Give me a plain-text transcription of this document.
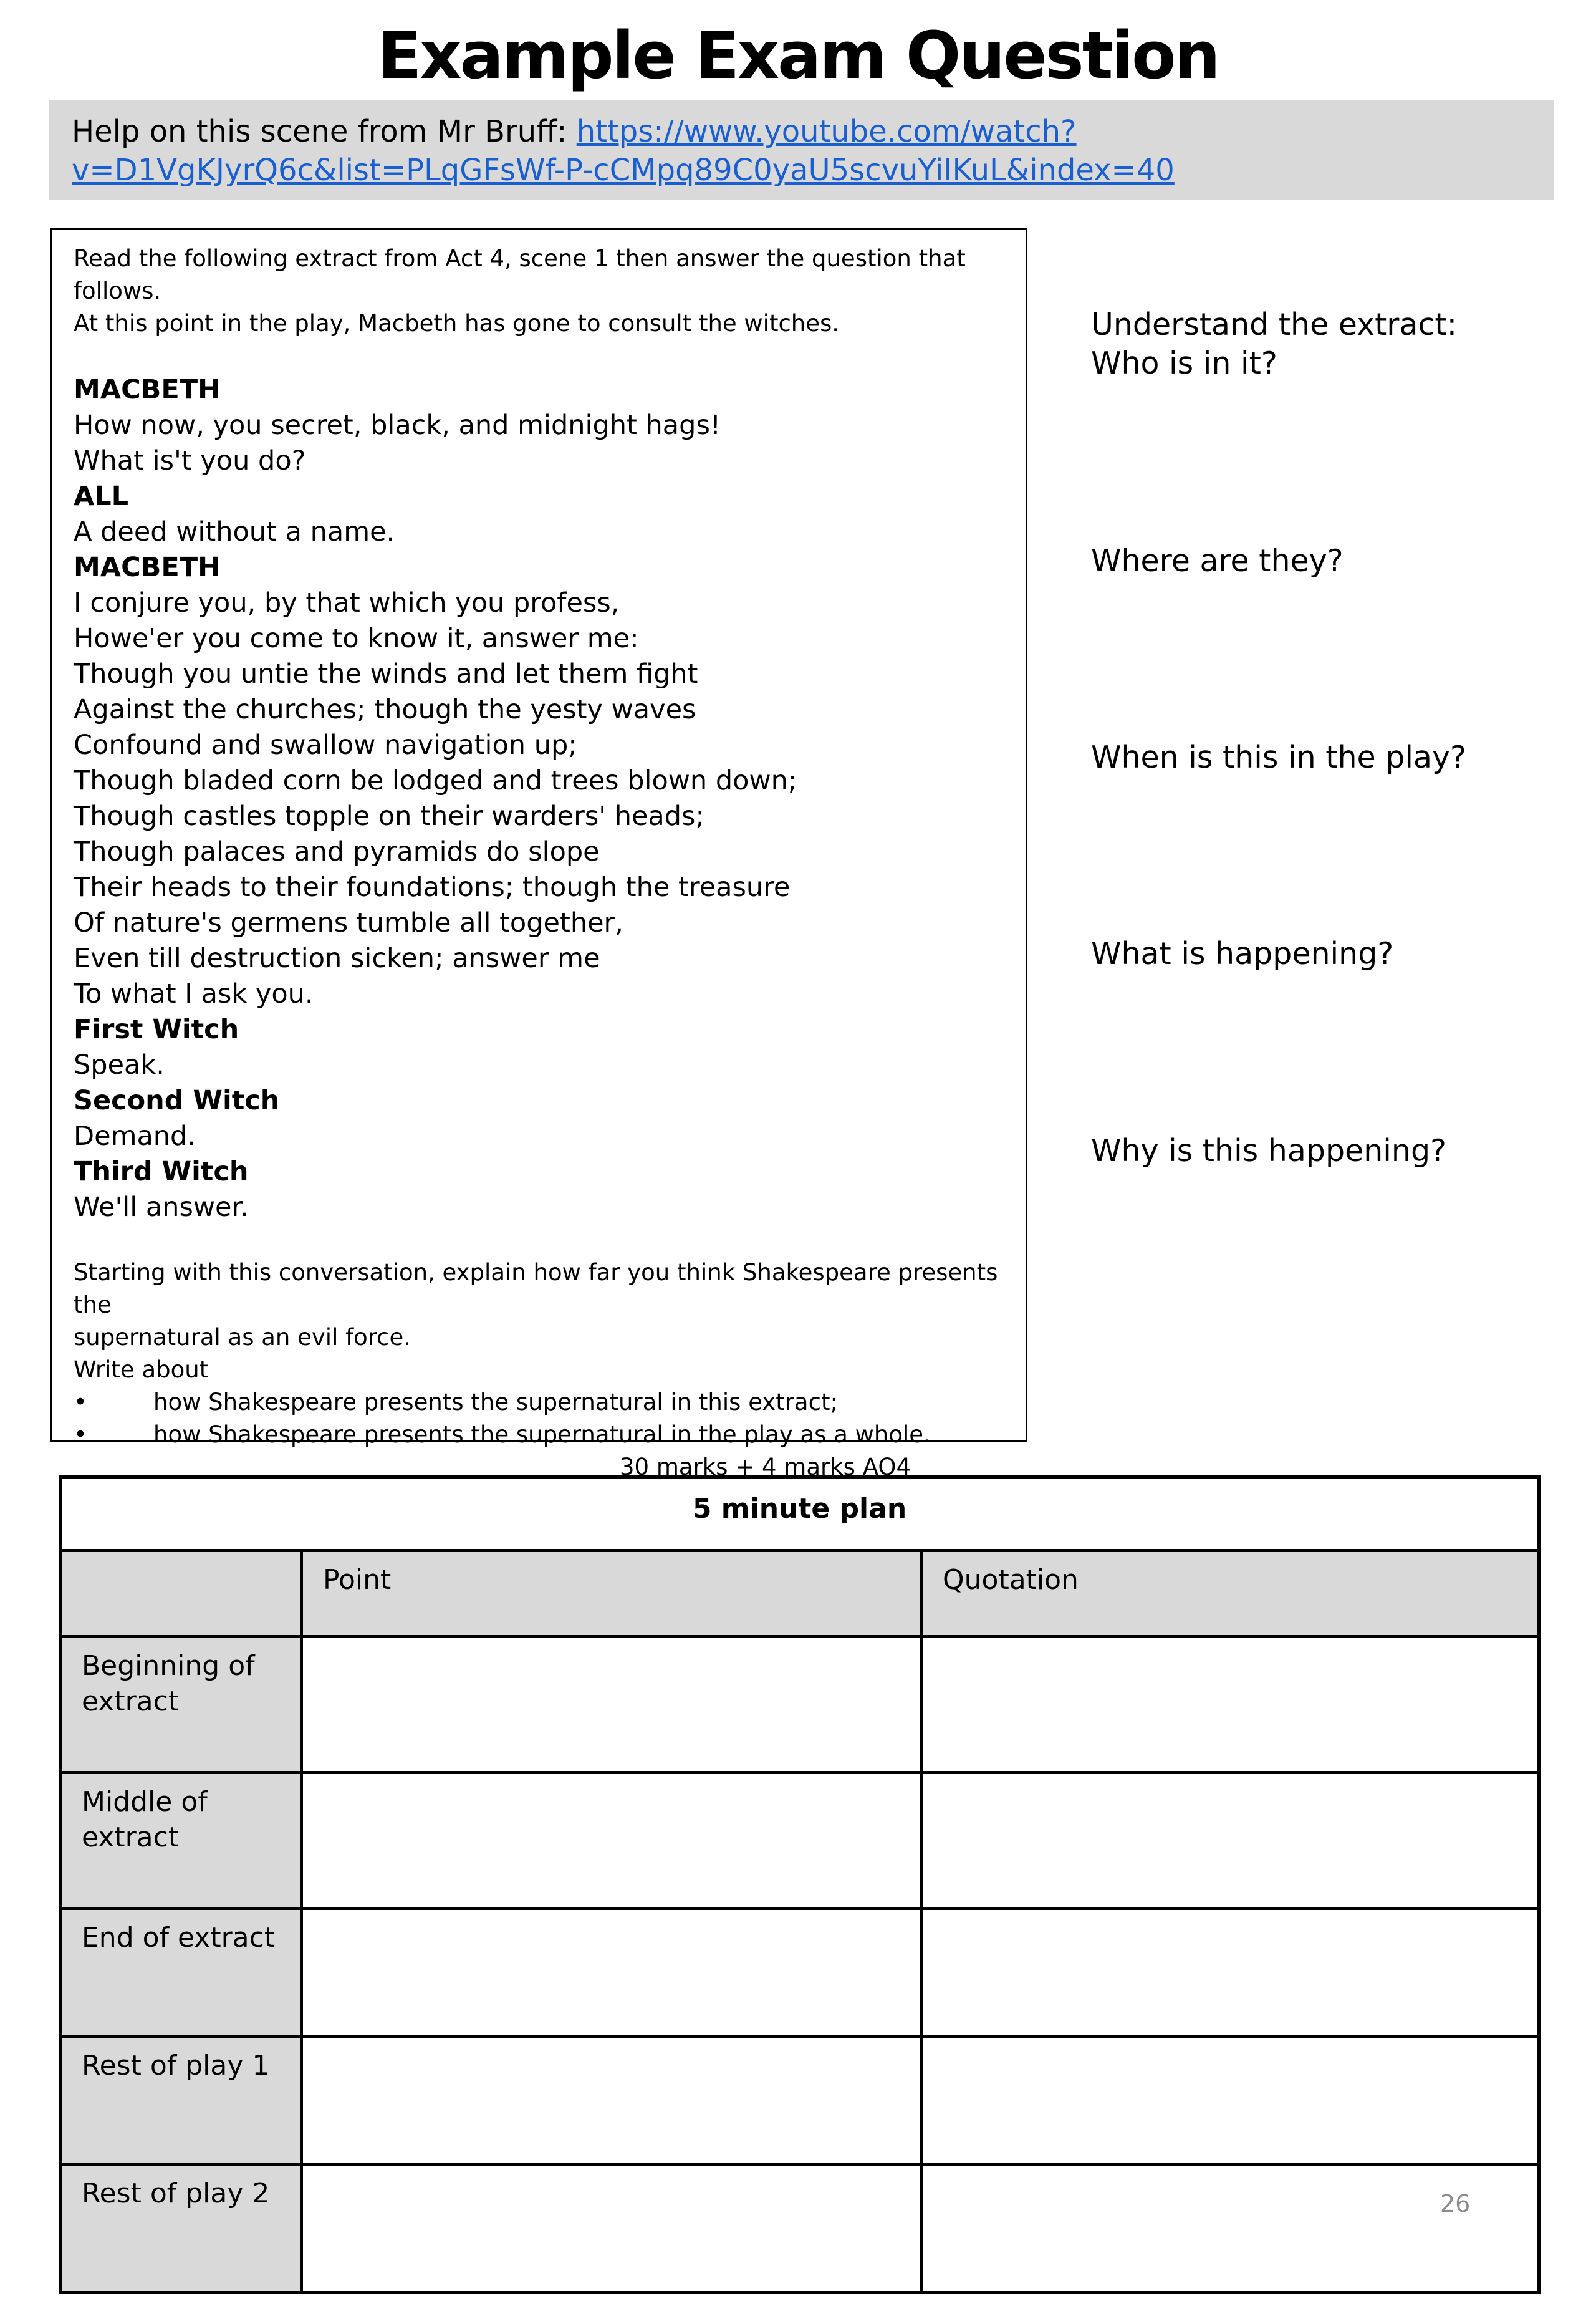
Example Exam Question
Help on this scene from Mr Bruff: https://www.youtube.com/watch?v=D1VgKJyrQ6c&list=PLqGFsWf-P-cCMpq89C0yaU5scvuYiIKuL&index=40
Read the following extract from Act 4, scene 1 then answer the question that follows.
At this point in the play, Macbeth has gone to consult the witches.
MACBETH
How now, you secret, black, and midnight hags!
What is't you do?
ALL
A deed without a name.
MACBETH
I conjure you, by that which you profess,
Howe'er you come to know it, answer me:
Though you untie the winds and let them fight
Against the churches; though the yesty waves
Confound and swallow navigation up;
Though bladed corn be lodged and trees blown down;
Though castles topple on their warders' heads;
Though palaces and pyramids do slope
Their heads to their foundations; though the treasure
Of nature's germens tumble all together,
Even till destruction sicken; answer me
To what I ask you.
First Witch
Speak.
Second Witch
Demand.
Third Witch
We'll answer.
Starting with this conversation, explain how far you think Shakespeare presents the
supernatural as an evil force.
Write about
•	how Shakespeare presents the supernatural in this extract;
•	how Shakespeare presents the supernatural in the play as a whole.
30 marks + 4 marks AO4
Understand the extract:
Who is in it?
Where are they?
When is this in the play?
What is happening?
Why is this happening?
5 minute plan		
	Point	Quotation
Beginning of extract		
Middle of extract		
End of extract		
Rest of play 1		
Rest of play 2			26
